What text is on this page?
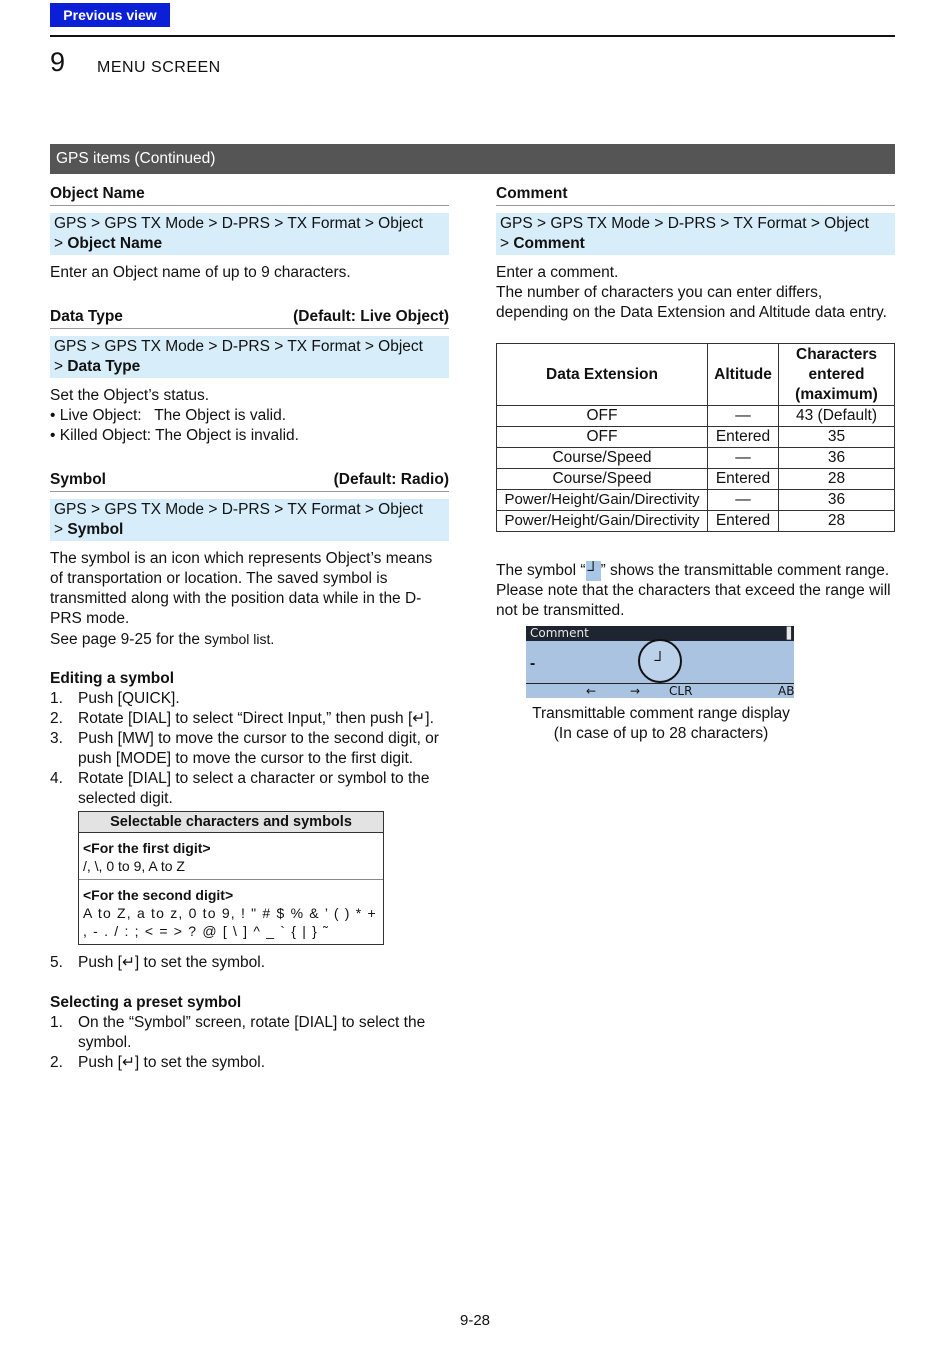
Previous view
9 MENU SCREEN
GPS items (Continued)
Object Name
GPS > GPS TX Mode > D-PRS > TX Format > Object
> Object Name
Enter an Object name of up to 9 characters.
Data Type	(Default: Live Object)
GPS > GPS TX Mode > D-PRS > TX Format > Object
> Data Type
Set the Object’s status.
• Live Object:   The Object is valid.
• Killed Object: The Object is invalid.
Symbol	(Default: Radio)
GPS > GPS TX Mode > D-PRS > TX Format > Object
> Symbol
The symbol is an icon which represents Object’s means of transportation or location. The saved symbol is transmitted along with the position data while in the D-PRS mode.
See page 9-25 for the symbol list.
Editing a symbol
1. Push [QUICK].
2. Rotate [DIAL] to select “Direct Input,” then push [↵].
3. Push [MW] to move the cursor to the second digit, or push [MODE] to move the cursor to the first digit.
4. Rotate [DIAL] to select a character or symbol to the selected digit.
Selectable characters and symbols
<For the first digit>
/, \, 0 to 9, A to Z
<For the second digit>
A to Z, a to z, 0 to 9, ! " # $ % & ’ ( ) * +
, - . / : ; < = > ? @ [ \ ] ^ _ ` { | } ˜
5. Push [↵] to set the symbol.
Selecting a preset symbol
1. On the “Symbol” screen, rotate [DIAL] to select the symbol.
2. Push [↵] to set the symbol.
Comment
GPS > GPS TX Mode > D-PRS > TX Format > Object
> Comment
Enter a comment.
The number of characters you can enter differs, depending on the Data Extension and Altitude data entry.
Data Extension	Altitude	Characters entered (maximum)
OFF	—	43 (Default)
OFF	Entered	35
Course/Speed	—	36
Course/Speed	Entered	28
Power/Height/Gain/Directivity	—	36
Power/Height/Gain/Directivity	Entered	28
The symbol “ ┘ ” shows the transmittable comment range. Please note that the characters that exceed the range will not be transmitted.
Comment	▐
-	┘
←	→ CLR	AB
Transmittable comment range display
(In case of up to 28 characters)
9-28
